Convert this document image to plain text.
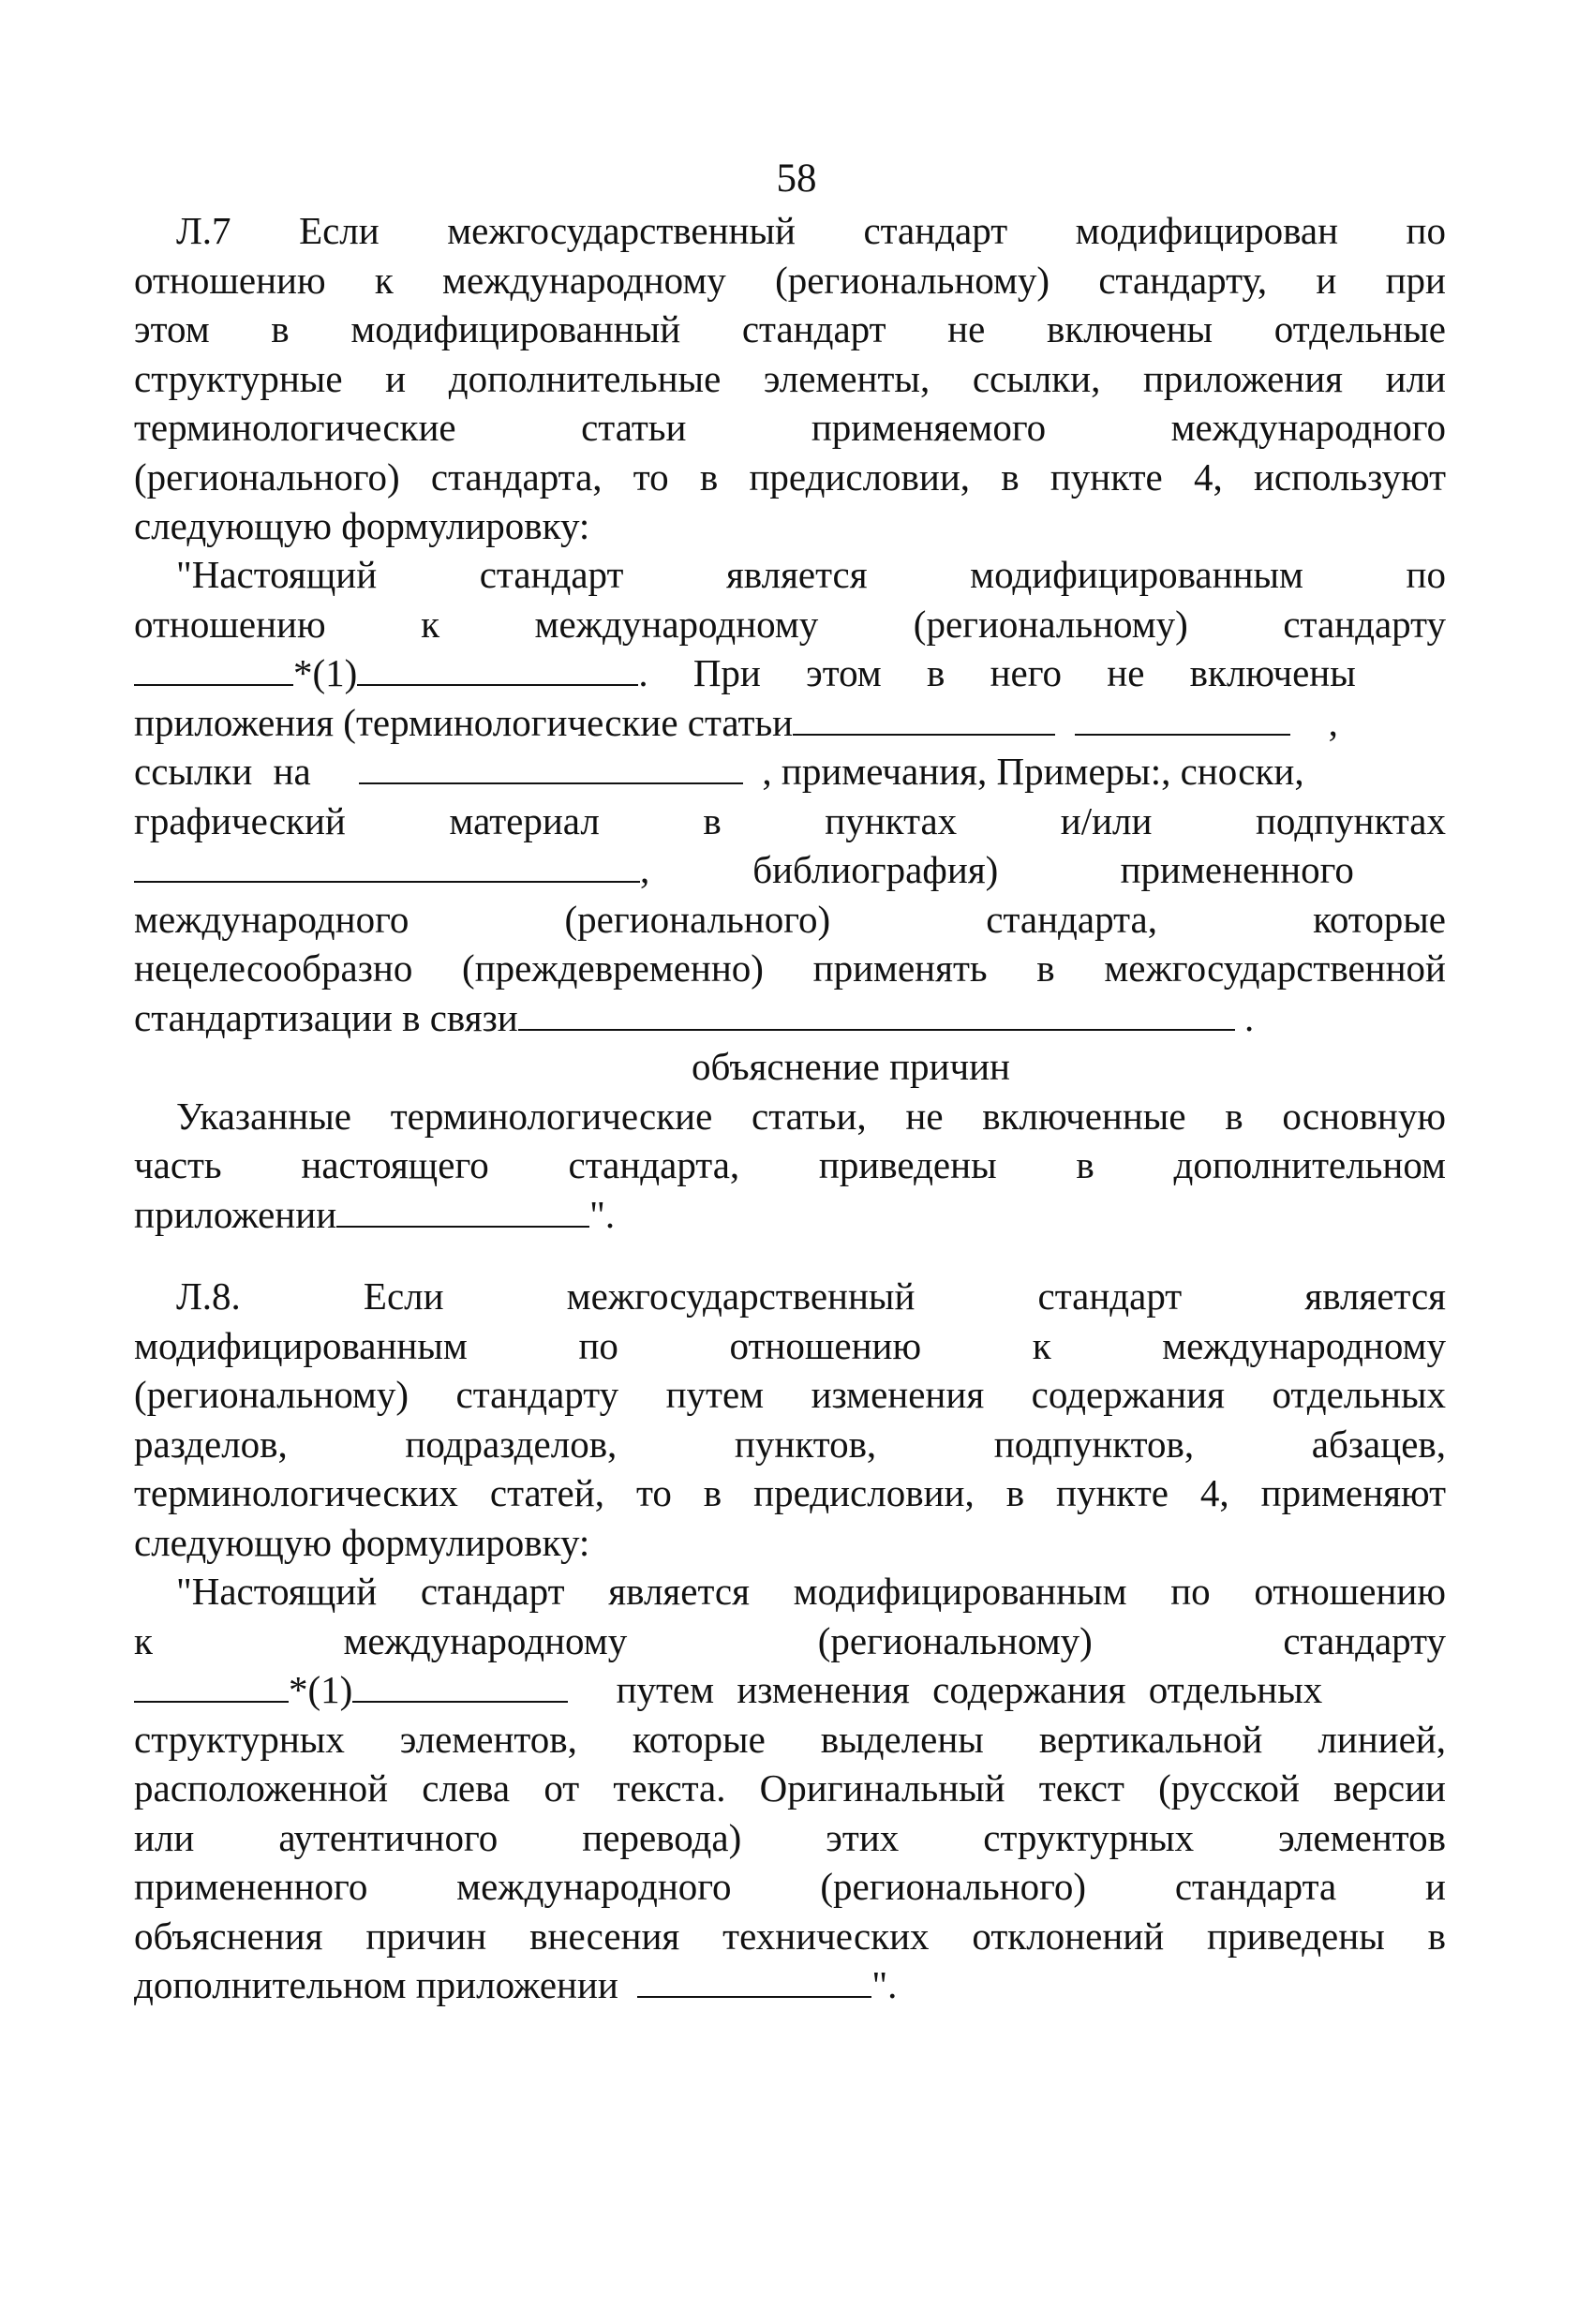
58
Л.7 Если межгосударственный стандарт модифицирован по
отношению к международному (региональному) стандарту, и при
этом в модифицированный стандарт не включены отдельные
структурные и дополнительные элементы, ссылки, приложения или
терминологические статьи применяемого международного
(регионального) стандарта, то в предисловии, в пункте 4, используют
следующую формулировку:
"Настоящий стандарт является модифицированным по
отношению к международному (региональному) стандарту
*(1)	. При этом в него не включены
приложения (терминологические статьи	,
ссылки на	, примечания, Примеры:, сноски,
графический материал в пунктах и/или подпунктах
,	библиография) примененного
международного (регионального) стандарта, которые
нецелесообразно (преждевременно) применять в межгосударственной
стандартизации в связи	.
объяснение причин
Указанные терминологические статьи, не включенные в основную
часть настоящего стандарта, приведены в дополнительном
приложении	".
Л.8. Если межгосударственный стандарт является
модифицированным по отношению к международному
(региональному) стандарту путем изменения содержания отдельных
разделов, подразделов, пунктов, подпунктов, абзацев,
терминологических статей, то в предисловии, в пункте 4, применяют
следующую формулировку:
"Настоящий стандарт является модифицированным по отношению
к международному (региональному) стандарту
*(1)	путем изменения содержания отдельных
структурных элементов, которые выделены вертикальной линией,
расположенной слева от текста. Оригинальный текст (русской версии
или аутентичного перевода) этих структурных элементов
примененного международного (регионального) стандарта и
объяснения причин внесения технических отклонений приведены в
дополнительном приложении	".
